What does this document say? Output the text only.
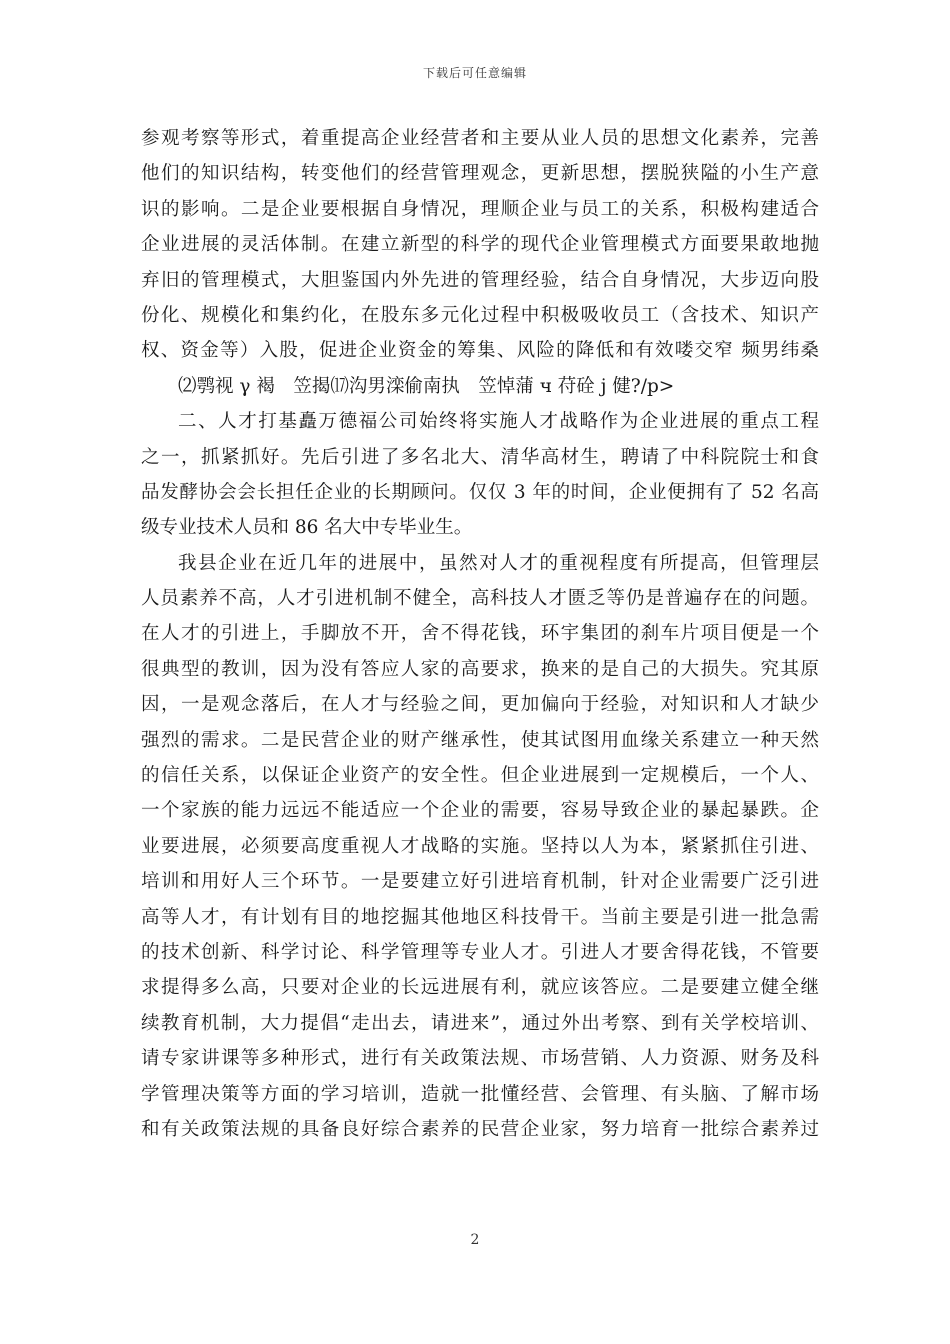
下载后可任意编辑
参观考察等形式，着重提高企业经营者和主要从业人员的思想文化素养，完善
他们的知识结构，转变他们的经营管理观念，更新思想，摆脱狭隘的小生产意
识的影响。二是企业要根据自身情况，理顺企业与员工的关系，积极构建适合
企业进展的灵活体制。在建立新型的科学的现代企业管理模式方面要果敢地抛
弃旧的管理模式，大胆鉴国内外先进的管理经验，结合自身情况，大步迈向股
份化、规模化和集约化，在股东多元化过程中积极吸收员工（含技术、知识产
权、资金等）入股，促进企业资金的筹集、风险的降低和有效喽交窄 频男纬桑
⑵鹗视 γ 褐　笠揭⒄沟男滦偷南执　笠悼蒲 ч 苻硂 j 健?/p>
二、人才打基矗万德福公司始终将实施人才战略作为企业进展的重点工程
之一，抓紧抓好。先后引进了多名北大、清华高材生，聘请了中科院院士和食
品发酵协会会长担任企业的长期顾问。仅仅 3 年的时间，企业便拥有了 52 名高
级专业技术人员和 86 名大中专毕业生。
我县企业在近几年的进展中，虽然对人才的重视程度有所提高，但管理层
人员素养不高，人才引进机制不健全，高科技人才匮乏等仍是普遍存在的问题。
在人才的引进上，手脚放不开，舍不得花钱，环宇集团的刹车片项目便是一个
很典型的教训，因为没有答应人家的高要求，换来的是自己的大损失。究其原
因，一是观念落后，在人才与经验之间，更加偏向于经验，对知识和人才缺少
强烈的需求。二是民营企业的财产继承性，使其试图用血缘关系建立一种天然
的信任关系，以保证企业资产的安全性。但企业进展到一定规模后，一个人、
一个家族的能力远远不能适应一个企业的需要，容易导致企业的暴起暴跌。企
业要进展，必须要高度重视人才战略的实施。坚持以人为本，紧紧抓住引进、
培训和用好人三个环节。一是要建立好引进培育机制，针对企业需要广泛引进
高等人才，有计划有目的地挖掘其他地区科技骨干。当前主要是引进一批急需
的技术创新、科学讨论、科学管理等专业人才。引进人才要舍得花钱，不管要
求提得多么高，只要对企业的长远进展有利，就应该答应。二是要建立健全继
续教育机制，大力提倡“走出去，请进来”，通过外出考察、到有关学校培训、
请专家讲课等多种形式，进行有关政策法规、市场营销、人力资源、财务及科
学管理决策等方面的学习培训，造就一批懂经营、会管理、有头脑、了解市场
和有关政策法规的具备良好综合素养的民营企业家，努力培育一批综合素养过
2
